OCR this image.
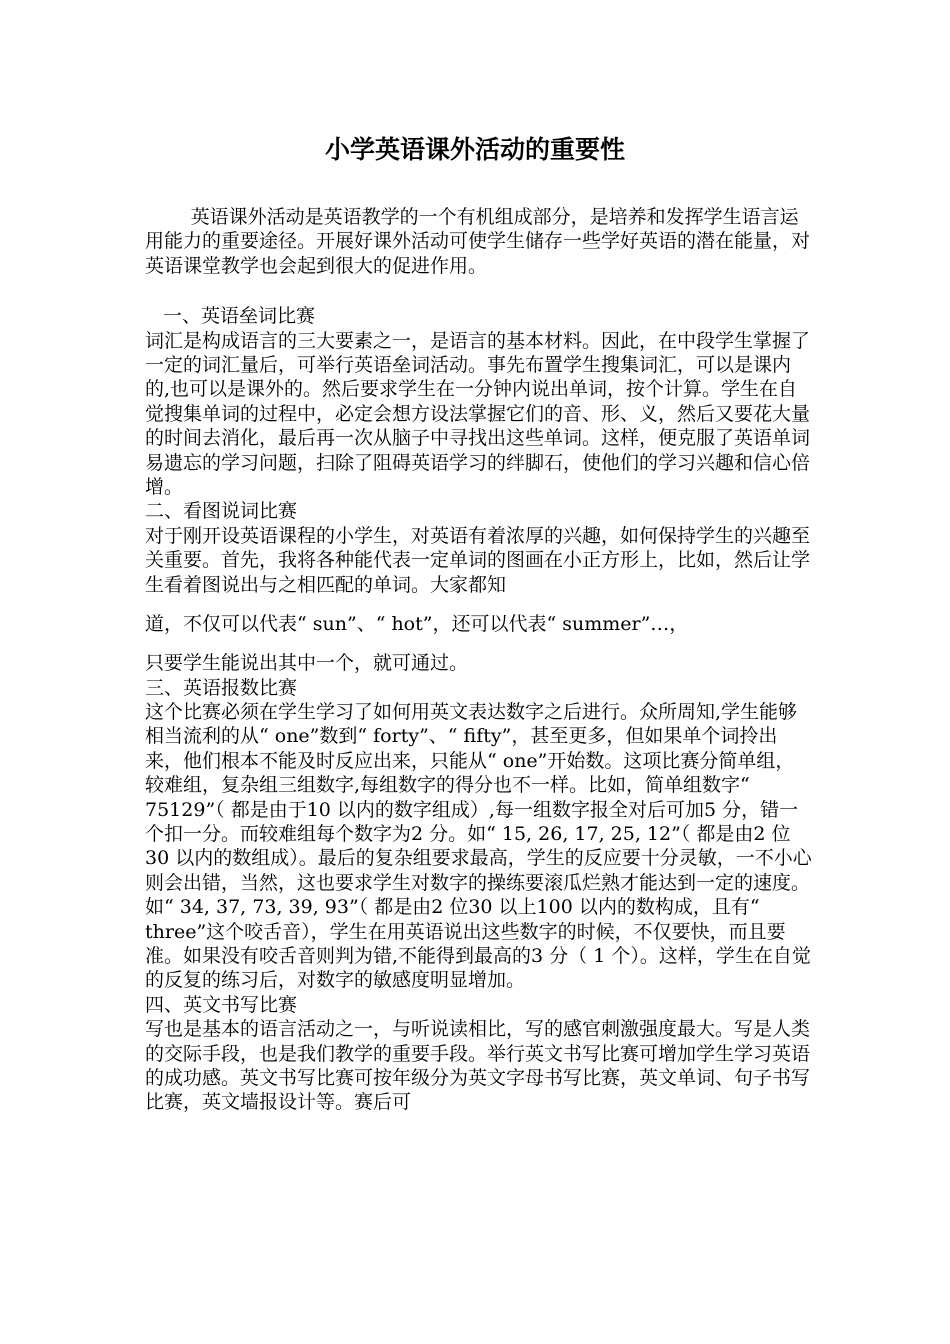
小学英语课外活动的重要性

英语课外活动是英语教学的一个有机组成部分，是培养和发挥学生语言运用能力的重要途径。开展好课外活动可使学生储存一些学好英语的潜在能量，对英语课堂教学也会起到很大的促进作用。

一、英语垒词比赛

词汇是构成语言的三大要素之一，是语言的基本材料。因此，在中段学生掌握了一定的词汇量后，可举行英语垒词活动。事先布置学生搜集词汇，可以是课内的,也可以是课外的。然后要求学生在一分钟内说出单词，按个计算。学生在自觉搜集单词的过程中，必定会想方设法掌握它们的音、形、义，然后又要花大量的时间去消化，最后再一次从脑子中寻找出这些单词。这样，便克服了英语单词易遗忘的学习问题，扫除了阻碍英语学习的绊脚石，使他们的学习兴趣和信心倍增。

二、看图说词比赛

对于刚开设英语课程的小学生，对英语有着浓厚的兴趣，如何保持学生的兴趣至关重要。首先，我将各种能代表一定单词的图画在小正方形上，比如，然后让学生看着图说出与之相匹配的单词。大家都知

道，不仅可以代表“ sun”、“ hot”，还可以代表“ summer”…，

只要学生能说出其中一个，就可通过。

三、英语报数比赛

这个比赛必须在学生学习了如何用英文表达数字之后进行。众所周知,学生能够相当流利的从“ one”数到“ forty”、“ fifty”，甚至更多，但如果单个词拎出来，他们根本不能及时反应出来，只能从“ one”开始数。这项比赛分简单组，较难组，复杂组三组数字,每组数字的得分也不一样。比如，简单组数字“ 75129”（ 都是由于10 以内的数字组成）,每一组数字报全对后可加5 分，错一个扣一分。而较难组每个数字为2 分。如“ 15, 26, 17, 25, 12”（ 都是由2 位30 以内的数组成）。最后的复杂组要求最高，学生的反应要十分灵敏，一不小心则会出错，当然，这也要求学生对数字的操练要滚瓜烂熟才能达到一定的速度。如“ 34, 37, 73, 39, 93”（ 都是由2 位30 以上100 以内的数构成，且有“ three”这个咬舌音），学生在用英语说出这些数字的时候，不仅要快，而且要准。如果没有咬舌音则判为错,不能得到最高的3 分（ 1 个）。这样，学生在自觉的反复的练习后，对数字的敏感度明显增加。

四、英文书写比赛

写也是基本的语言活动之一，与听说读相比，写的感官刺激强度最大。写是人类的交际手段，也是我们教学的重要手段。举行英文书写比赛可增加学生学习英语的成功感。英文书写比赛可按年级分为英文字母书写比赛，英文单词、句子书写比赛，英文墙报设计等。赛后可
